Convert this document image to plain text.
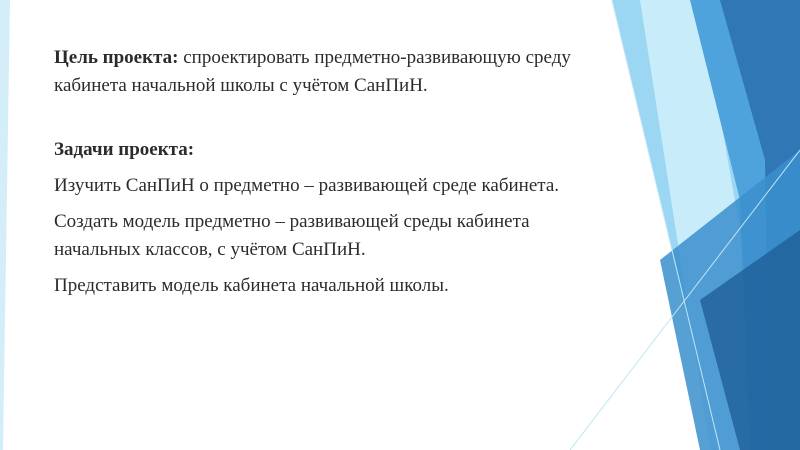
Цель проекта: спроектировать предметно-развивающую среду кабинета начальной школы с учётом СанПиН.

Задачи проекта:

Изучить СанПиН о предметно – развивающей среде кабинета.

Создать модель предметно – развивающей среды кабинета начальных классов, с учётом СанПиН.

Представить модель кабинета начальной школы.
